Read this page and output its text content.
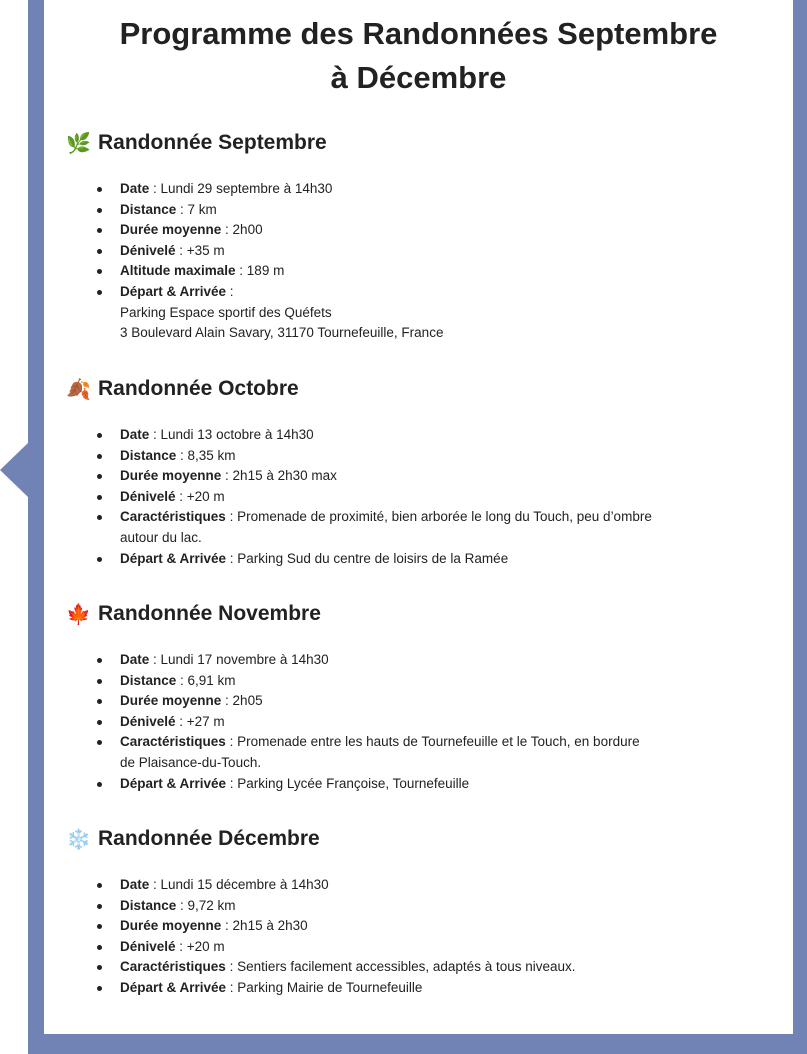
Programme des Randonnées Septembre
à Décembre
🌿 Randonnée Septembre
Date : Lundi 29 septembre à 14h30
Distance : 7 km
Durée moyenne : 2h00
Dénivelé : +35 m
Altitude maximale : 189 m
Départ & Arrivée :
Parking Espace sportif des Quéfets
3 Boulevard Alain Savary, 31170 Tournefeuille, France
🍂 Randonnée Octobre
Date : Lundi 13 octobre à 14h30
Distance : 8,35 km
Durée moyenne : 2h15 à 2h30 max
Dénivelé : +20 m
Caractéristiques : Promenade de proximité, bien arborée le long du Touch, peu d’ombre
autour du lac.
Départ & Arrivée : Parking Sud du centre de loisirs de la Ramée
🍁 Randonnée Novembre
Date : Lundi 17 novembre à 14h30
Distance : 6,91 km
Durée moyenne : 2h05
Dénivelé : +27 m
Caractéristiques : Promenade entre les hauts de Tournefeuille et le Touch, en bordure
de Plaisance-du-Touch.
Départ & Arrivée : Parking Lycée Françoise, Tournefeuille
❄️ Randonnée Décembre
Date : Lundi 15 décembre à 14h30
Distance : 9,72 km
Durée moyenne : 2h15 à 2h30
Dénivelé : +20 m
Caractéristiques : Sentiers facilement accessibles, adaptés à tous niveaux.
Départ & Arrivée : Parking Mairie de Tournefeuille
